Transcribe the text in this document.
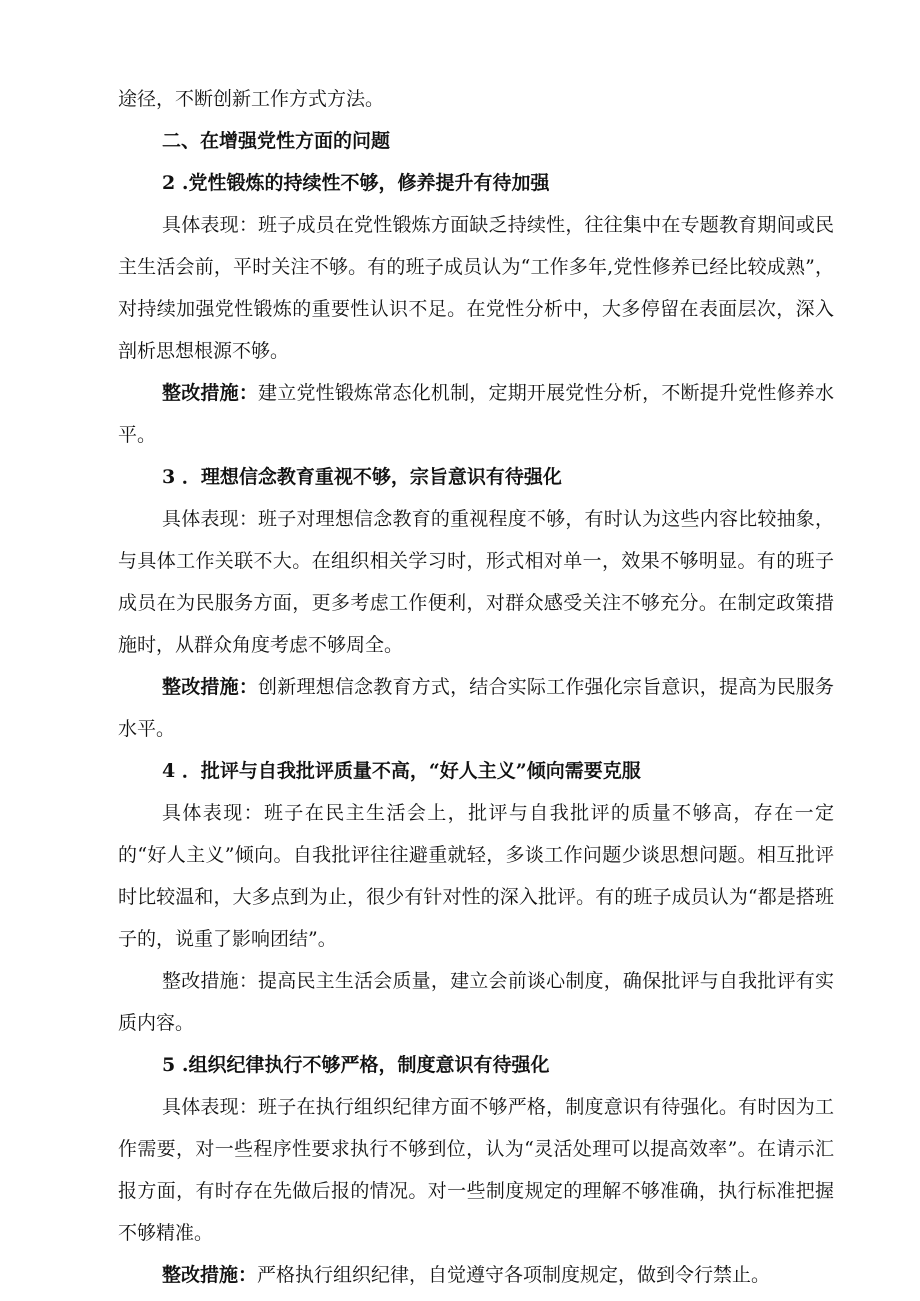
途径，不断创新工作方式方法。

二、在增强党性方面的问题

2 .党性锻炼的持续性不够，修养提升有待加强

具体表现：班子成员在党性锻炼方面缺乏持续性，往往集中在专题教育期间或民主生活会前，平时关注不够。有的班子成员认为“工作多年,党性修养已经比较成熟”，对持续加强党性锻炼的重要性认识不足。在党性分析中，大多停留在表面层次，深入剖析思想根源不够。

整改措施：建立党性锻炼常态化机制，定期开展党性分析，不断提升党性修养水平。

3 ．理想信念教育重视不够，宗旨意识有待强化

具体表现：班子对理想信念教育的重视程度不够，有时认为这些内容比较抽象，与具体工作关联不大。在组织相关学习时，形式相对单一，效果不够明显。有的班子成员在为民服务方面，更多考虑工作便利，对群众感受关注不够充分。在制定政策措施时，从群众角度考虑不够周全。

整改措施：创新理想信念教育方式，结合实际工作强化宗旨意识，提高为民服务水平。

4 ．批评与自我批评质量不高，“好人主义”倾向需要克服

具体表现：班子在民主生活会上，批评与自我批评的质量不够高，存在一定的“好人主义”倾向。自我批评往往避重就轻，多谈工作问题少谈思想问题。相互批评时比较温和，大多点到为止，很少有针对性的深入批评。有的班子成员认为“都是搭班子的，说重了影响团结”。

整改措施：提高民主生活会质量，建立会前谈心制度，确保批评与自我批评有实质内容。

5 .组织纪律执行不够严格，制度意识有待强化

具体表现：班子在执行组织纪律方面不够严格，制度意识有待强化。有时因为工作需要，对一些程序性要求执行不够到位，认为“灵活处理可以提高效率”。在请示汇报方面，有时存在先做后报的情况。对一些制度规定的理解不够准确，执行标准把握不够精准。

整改措施：严格执行组织纪律，自觉遵守各项制度规定，做到令行禁止。
